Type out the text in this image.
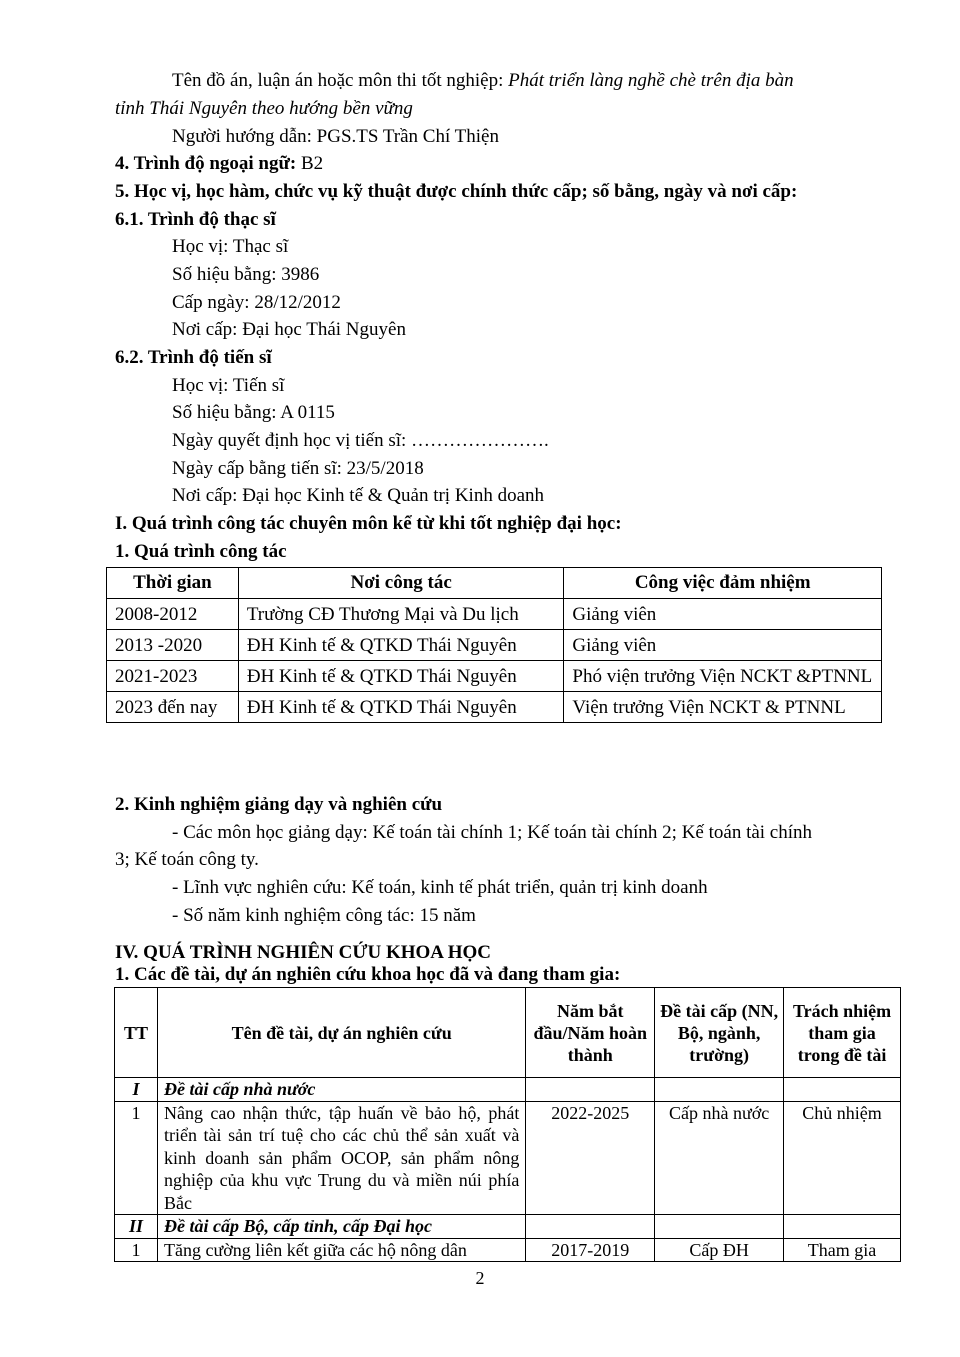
Tên đồ án, luận án hoặc môn thi tốt nghiệp: Phát triển làng nghề chè trên địa bàn
tỉnh Thái Nguyên theo hướng bền vững
Người hướng dẫn: PGS.TS Trần Chí Thiện
4. Trình độ ngoại ngữ: B2
5. Học vị, học hàm, chức vụ kỹ thuật được chính thức cấp; số bằng, ngày và nơi cấp:
6.1. Trình độ thạc sĩ
Học vị: Thạc sĩ
Số hiệu bằng: 3986
Cấp ngày: 28/12/2012
Nơi cấp: Đại học Thái Nguyên
6.2. Trình độ tiến sĩ
Học vị: Tiến sĩ
Số hiệu bằng: A 0115
Ngày quyết định học vị tiến sĩ: ………………….
Ngày cấp bằng tiến sĩ: 23/5/2018
Nơi cấp: Đại học Kinh tế & Quản trị Kinh doanh
I. Quá trình công tác chuyên môn kể từ khi tốt nghiệp đại học:
1. Quá trình công tác
Thời gian	Nơi công tác	Công việc đảm nhiệm
2008-2012	Trường CĐ Thương Mại và Du lịch	Giảng viên
2013 -2020	ĐH Kinh tế & QTKD Thái Nguyên	Giảng viên
2021-2023	ĐH Kinh tế & QTKD Thái Nguyên	Phó viện trưởng Viện NCKT &PTNNL
2023 đến nay	ĐH Kinh tế & QTKD Thái Nguyên	Viện trưởng Viện NCKT & PTNNL
2. Kinh nghiệm giảng dạy và nghiên cứu
- Các môn học giảng dạy: Kế toán tài chính 1; Kế toán tài chính 2; Kế toán tài chính
3; Kế toán công ty.
- Lĩnh vực nghiên cứu: Kế toán, kinh tế phát triển, quản trị kinh doanh
- Số năm kinh nghiệm công tác: 15 năm
IV. QUÁ TRÌNH NGHIÊN CỨU KHOA HỌC
1. Các đề tài, dự án nghiên cứu khoa học đã và đang tham gia:
TT	Tên đề tài, dự án nghiên cứu	Năm bắt đầu/Năm hoàn thành	Đề tài cấp (NN, Bộ, ngành, trường)	Trách nhiệm tham gia trong đề tài
I	Đề tài cấp nhà nước			
1	Nâng cao nhận thức, tập huấn về bảo hộ, phát triển tài sản trí tuệ cho các chủ thể sản xuất và kinh doanh sản phẩm OCOP, sản phẩm nông nghiệp của khu vực Trung du và miền núi phía Bắc	2022-2025	Cấp nhà nước	Chủ nhiệm
II	Đề tài cấp Bộ, cấp tỉnh, cấp Đại học			
1	Tăng cường liên kết giữa các hộ nông dân	2017-2019	Cấp ĐH	Tham gia
2
